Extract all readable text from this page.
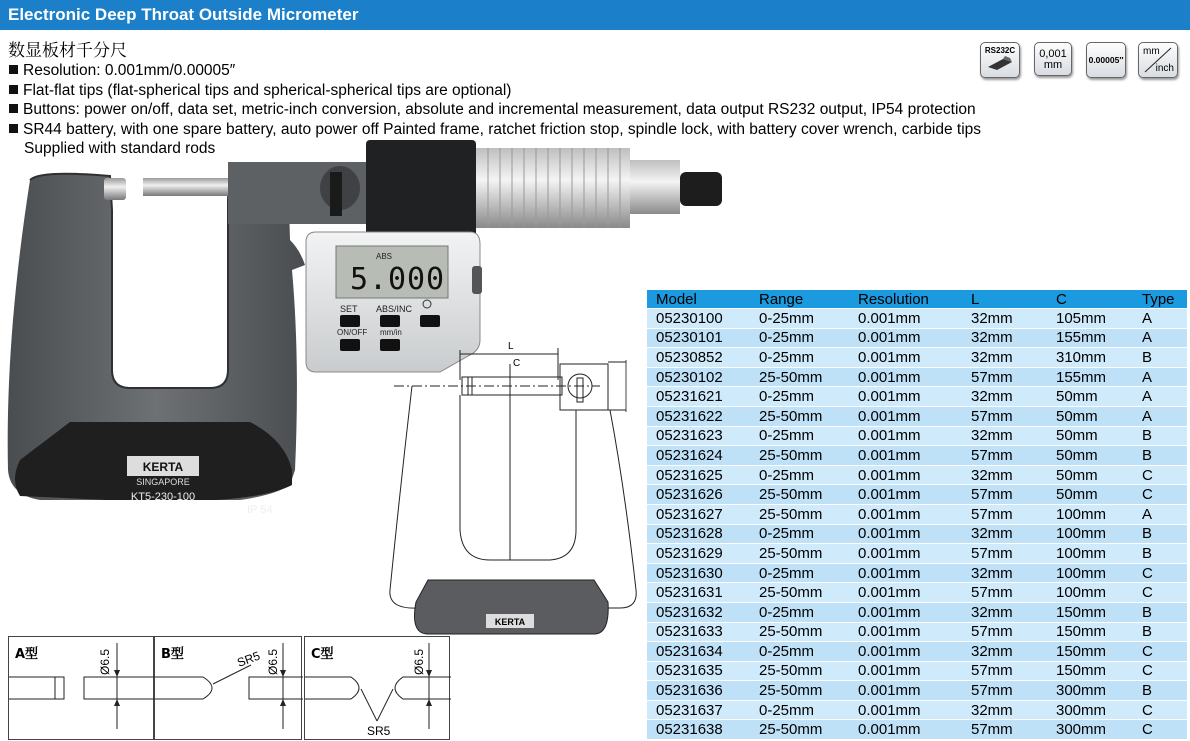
Electronic Deep Throat Outside Micrometer
数显板材千分尺
Resolution: 0.001mm/0.00005″
Flat-flat tips (flat-spherical tips and spherical-spherical tips are optional)
Buttons: power on/off, data set, metric-inch conversion, absolute and incremental measurement, data output RS232 output, IP54 protection
SR44 battery, with one spare battery, auto power off Painted frame, ratchet friction stop, spindle lock, with battery cover wrench, carbide tips
Supplied with standard rods
RS232C	0,001
mm	0.00005″
mm
inch
ABS
5.000
SET ABS/INC
ON/OFF mm/in
KERTA
SINGAPORE
KT5-230-100
IP 54
L
C
KERTA
A型	Ø6.5	B型	SR5 Ø6.5 C型
SR5
Ø6.5
Model	Range	Resolution	L	C	Type
05230100	0-25mm	0.001mm	32mm	105mm	A
05230101	0-25mm	0.001mm	32mm	155mm	A
05230852	0-25mm	0.001mm	32mm	310mm	B
05230102	25-50mm	0.001mm	57mm	155mm	A
05231621	0-25mm	0.001mm	32mm	50mm	A
05231622	25-50mm	0.001mm	57mm	50mm	A
05231623	0-25mm	0.001mm	32mm	50mm	B
05231624	25-50mm	0.001mm	57mm	50mm	B
05231625	0-25mm	0.001mm	32mm	50mm	C
05231626	25-50mm	0.001mm	57mm	50mm	C
05231627	25-50mm	0.001mm	57mm	100mm	A
05231628	0-25mm	0.001mm	32mm	100mm	B
05231629	25-50mm	0.001mm	57mm	100mm	B
05231630	0-25mm	0.001mm	32mm	100mm	C
05231631	25-50mm	0.001mm	57mm	100mm	C
05231632	0-25mm	0.001mm	32mm	150mm	B
05231633	25-50mm	0.001mm	57mm	150mm	B
05231634	0-25mm	0.001mm	32mm	150mm	C
05231635	25-50mm	0.001mm	57mm	150mm	C
05231636	25-50mm	0.001mm	57mm	300mm	B
05231637	0-25mm	0.001mm	32mm	300mm	C
05231638	25-50mm	0.001mm	57mm	300mm	C
